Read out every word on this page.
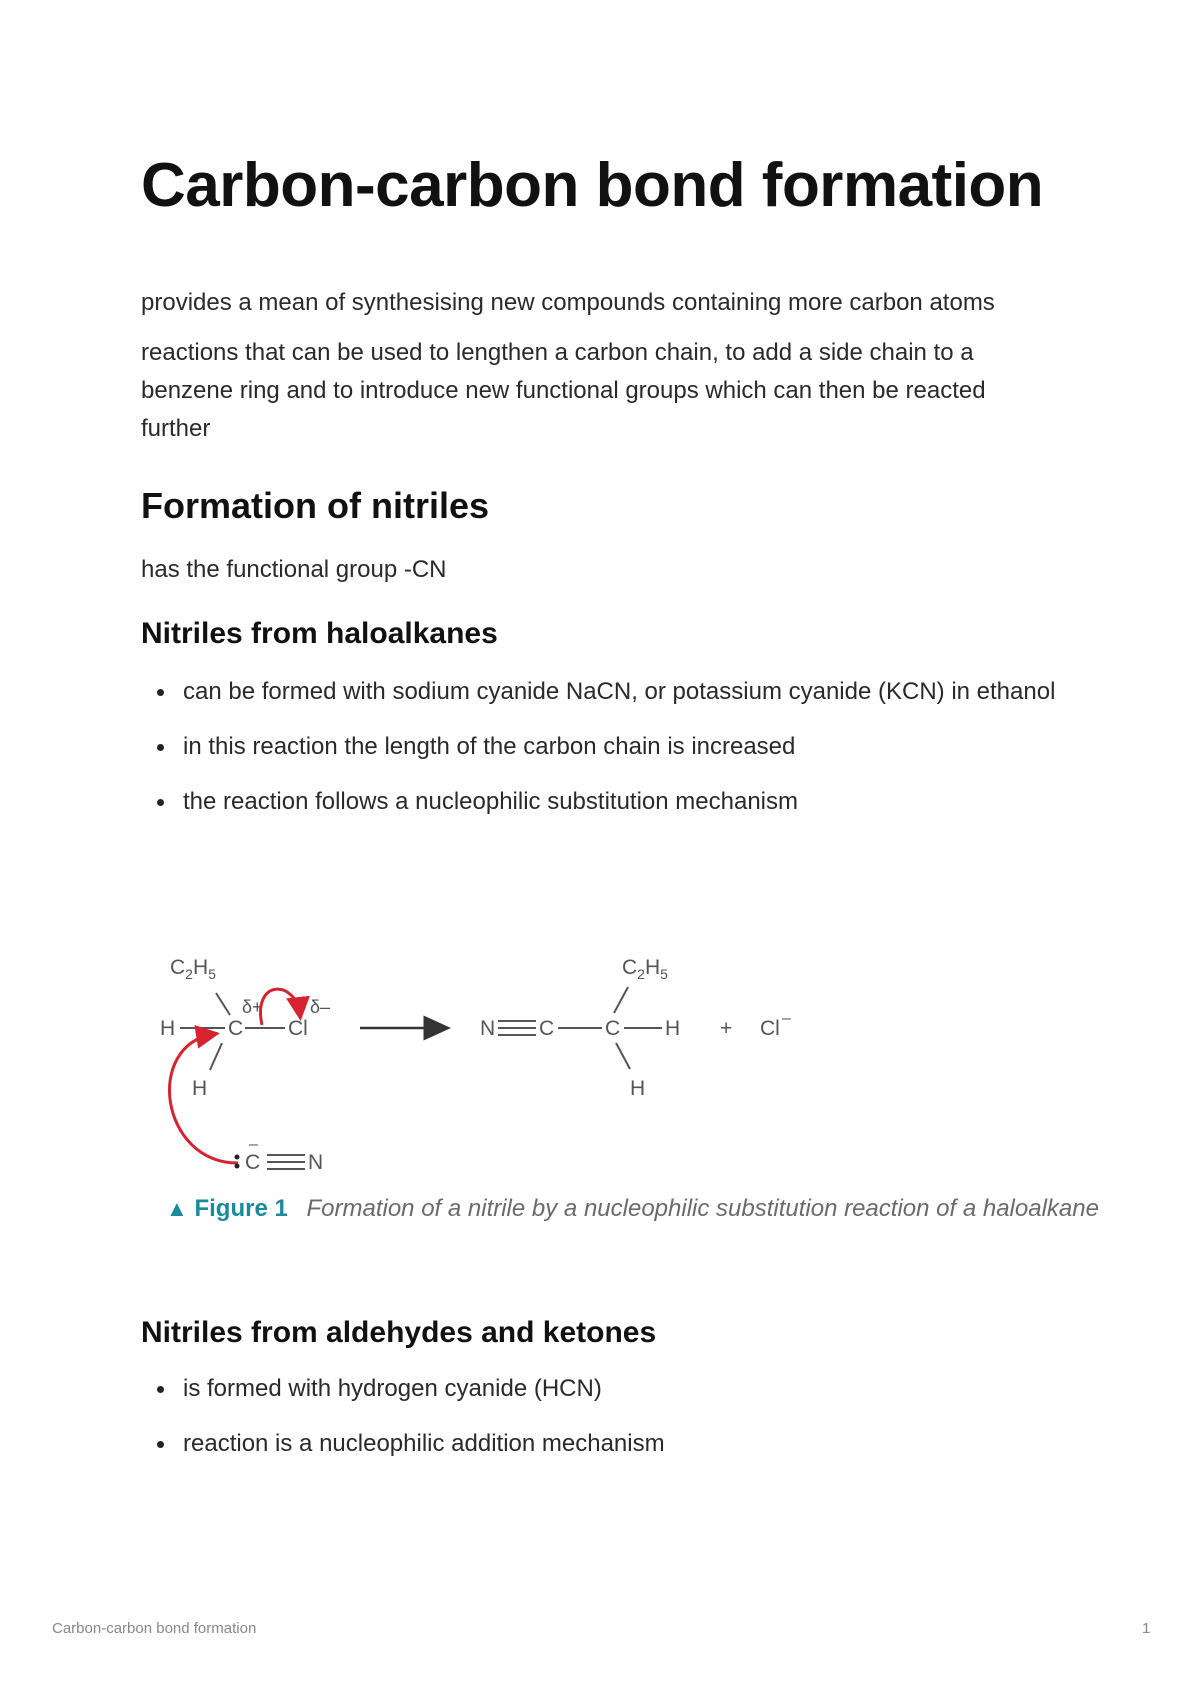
Carbon-carbon bond formation

provides a mean of synthesising new compounds containing more carbon atoms

reactions that can be used to lengthen a carbon chain, to add a side chain to a benzene ring and to introduce new functional groups which can then be reacted further

Formation of nitriles

has the functional group -CN

Nitriles from haloalkanes
can be formed with sodium cyanide NaCN, or potassium cyanide (KCN) in ethanol
in this reaction the length of the carbon chain is increased
the reaction follows a nucleophilic substitution mechanism
$C_2H_5$
H	C
δ+
Cl
δ–
H
C
–
N
N C C H
$C_2H_5$
H
+ Cl –
▲ Figure 1 Formation of a nitrile by a nucleophilic substitution reaction of a haloalkane
Nitriles from aldehydes and ketones
is formed with hydrogen cyanide (HCN)
reaction is a nucleophilic addition mechanism
Carbon-carbon bond formation	1
